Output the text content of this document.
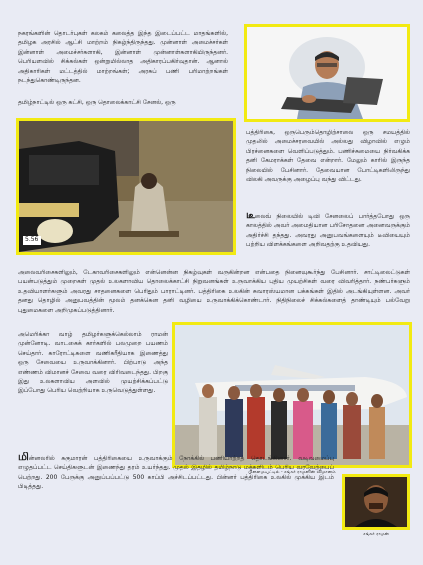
நகரங்களின் தொடர்புகள் கலகம் கலைத்த இந்த இடைப்பட்ட மாதங்களில், தமிழக அரசில் ஆட்சி மாற்றம் நிகழ்ந்திருந்தது. முன்னாள் அமைச்சர்கள் இன்னாள் அமைச்சர்களாகி, இன்னாள் முன்னாள்களாகியிருந்தனர். பெரியளவில் சிக்கல்கள் ஒன்றுமில்லாத அதிகாரப்பகிர்வுதான். ஆனால் அதிகாரிகள் மட்டத்தில் மாற்றங்கள்; அரசுப் பணி பரிமாற்றங்கள் நடந்துகொண்டிருந்தன.
5.56
தமிழ்நாட்டில் ஒரு கட்சி, ஒரு தொலைக்காட்சி சேனல், ஒரு
பத்திரிகை, ஒருபெரும்தொழிற்சாலை ஒரு சமயத்தில் முதலில் அமைச்சரவையில் அல்லது விழாவில் எழும் பிரச்னைகளை வெளிப்படுத்தும். பணிச்சுமையை நிர்வகிக்க தனி கேமராக்கள் தேவை என்றார். மேலும் காரில் இருந்த நிலையில் பேசினார். தேவையான போட்டிகளிலிருந்து விலகி அவருக்கு அழைப்பு வந்து விட்டது.
டீலைவ் நிலையில் டிவி சேனலைப் பார்த்தபோது ஒரு காலத்தில் அவர் அமைதியான பரிசோதனை அனைவருக்கும் அதிர்ச்சி தந்தது. அவரது அனுபவங்களையும் டீவியையும் பற்றிய விளக்கங்களை அறிவதற்கு உதவியது.
அலைவரிசைகளிலும், டேகாவரிசைகளிலும் என்னென்ன நிகழ்வுகள் வருகின்றன என்பதை நினைவுகூர்ந்து பேசினார். சாட்டிலைட்டுகள் பயன்படுத்தும் முறைகள் முதல் உலகளாவிய தொலைக்காட்சி நிறுவனங்கள் உருவாக்கிய புதிய முயற்சிகள் வரை விவரித்தார். நண்பர்களும் உதவியாளர்களும் அவரது சாதனைகளை பெரிதும் பாராட்டினர். பத்திரிகை உலகின் சுவாரஸ்யமான பக்கங்கள் இதில் அடங்கியுள்ளன. அவர் தனது தொழில் அனுபவத்தின் மூலம் தனக்கென தனி வழியை உருவாக்கிக்கொண்டார். நிதிநிலைச் சிக்கல்களைத் தாண்டியும் பல்வேறு புதுமைகளை அறிமுகப்படுத்தினார்.
அமெரிக்கா வாழ் தமிழர்களுக்கெல்லாம் ராமன் முன்னோடி. வாடகைக் கார்களில் பலமுறை பயணம் செய்தார். காரோட்டிகளை வணிகரீதியாக இணைத்து ஒரு சேவையை உருவாக்கினார். பிற்பாடு அந்த எண்ணம் விமானச் சேவை வரை விரிவடைந்தது. பிறகு இது உலகளாவிய அளவில் முயற்சிக்கப்பட்டு இப்போது பெரிய வெற்றியாக உருவெடுத்துள்ளது.
பிளைமவுட்டில் - சங்கர் ராமனின் விமானம்
மின்னலரில் சுகுமாரன் பத்திரிகையை உருவாக்கும் நோக்கில் பணியாற்றத் தொடங்கினார். வடிவமைப்பு எழுதப்பட்ட செய்திகளுடன் இணைந்து தரம் உயர்ந்தது. முதல் இதழில் தமிழ்நாடு மக்களிடம் பெரிய வரவேற்பைப் பெற்றது. 200 பேருக்கு அனுப்பப்பட்டு 500 காப்பி அச்சிடப்பட்டது. பின்னர் பத்திரிகை உலகில் முக்கிய இடம் பிடித்தது.
சங்கர் ராமன்
